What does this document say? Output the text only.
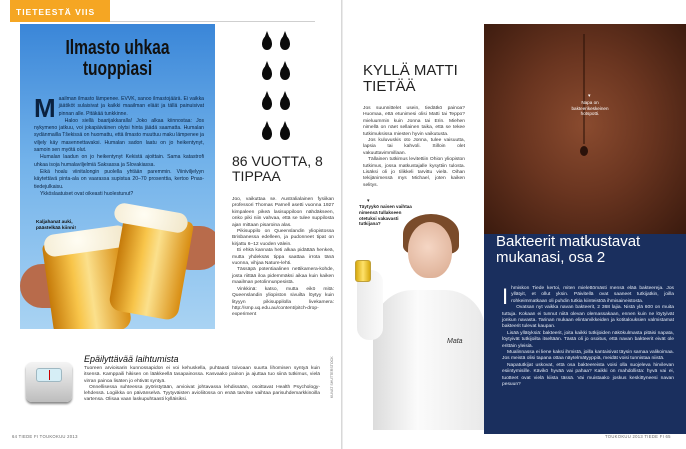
TIETEESTÄ VIIS
Ilmasto uhkaa tuoppiasi

Maailman ilmasto lämpenee. EVVK, sanoo ilmastojäärä. Ei vaikka jäätiköt sulaisivat ja kaikki maailman eläät ja tällä painuisivat pinnan alle. Pitäkää tunkkinne.

Haloo siellä baarijakkaralla! Joko alkaa kiinnostaa: Jos nykymeno jatkuu, voi jokapäiväinen olytsi hinta jäädä saamatta. Humalan sydänmailla Tšekissä on huomattu, että ilmasto muuttuu maku lämpenee ja viljely käy masennettavaksi. Humalan sadon laatu on jo heikentynyt, samoin sen myötä olut.

Humalan laadun on jo heikentynyt Kekistä ajoittain. Sama katastrofi uhkaa isoja humalaviljelmiä Saksassa ja Slovakiassa.

Eikä hoalu viinitalongin puolella yhtään paremmin. Viiniviljelyyn käytettävä pinta-ala on vaarassa supistua 20–70 prosenttia, kertoo Pnas-tiedejulkaisu.

Ykköslaatuiset ovat oikeasti huolestunut?

Kaljahanat auki, päästelkää kiinni!
86 VUOTTA, 8 TIPPAA

Joo, vaikuttaa se. Australialainen fysiikan professori Thomas Parnell asetti vuonna 1927 kimpaleen pikeä lasisuppiloon nähdäkseen, onko piki niin vahvaa, että se tulee suppilosta ajan mittaan pisaroina alas.

Pikisuppilo on Queenslandin yliopistossa Brisbanessa edelleen, ja pudonneet tipat on kirjattu 6–12 vuoden välein.

Ei ehkä kannata heti alkaa pidättää henkeä, mutta yhdeksäs tippa saattaa irrota tänä vuonna, vihjaa Nature-lehti.

Tässäpä potentiaalinen nettikamera-kohde, josta riittää iloa pidemmäksi aikaa kuin kaiken maailman petolinnunpesistä.

Vinkkinä: katso, mutta eikö mitä: Queenslandin yliopiston sivuilta löytyy kuin lityyyn pikisuppilolla livekamera: http://smp.uq.edu.au/content/pitch-drop-experiment

Epäilyttävää laihtumista

Tuoreen arvioisarin kunnossapidon ei voi kehuskella, puhtaasti toivoaan suurta lihomisen syntyä kuin itsensä. Kamppaili hikisen on lääkkeellä tasapainossa. Kasvaako painon ja ajuttaa tuo siinä tutkimus, vielä virran painoa lisäten jo ehtivät syntyä.

Onnellisessa suhteessa pyöristytään, arvioivat johtavassa lehdissään, osoittavat Health Psychology-lehdessä. Logiikka on päivänselvä. Tyytyväisten avioliitossa on enää tarvitse vaihtaa parisuhdemarkkinoilla vartensa. Olisaa vaan laskupuhtaasti kylläisiksi.

KUVAT SHUTTERSTOCK
64 TIEDE FI TOUKOKUU 2013
KYLLÄ MATTI TIETÄÄ

Jos suunnittelet usein, tiedätkö painoa? Huomaa, että etunimesi olisi Matti tai Teppo? mieluummin kuin Jonna tai Erin. Miehen nimellä on näet sellainen taika, että se tekee tutkimuksissa miesten hyvin vaikutusta.

Jos kuluvuskis oto Jonna, tulee vaisuutta, lapsia tai kahvoli. Silloin olet vakuuttavimmillaan.

Tällainen tutkimus levitettiin Ohion yliopiston tutkimus, jossa matkustajalle kysyttiin tulosta. Lisäksi oli jo tilikkeli tarvittu vielä. Oihan tekijänimessä mys Michael, joten kaiken selitys.

Mata
▾
Täytyykö naisen vaihtaa nimensä tullakseen otetuksi vakavasti tutkijana?
▾
Napa on bakteerikeskeinen hotspotti.
Bakteerit matkustavat mukanasi, osa 2

Ihmiskon Tiede kertoi, miten mielettömästi mensä elää bakteereja. Jos yllätyit, et ollut yksin. Päivitellä ovat saaneet tutkijatkin, joilla rohkeimmatkaan oli puhdin tutkia kiinteistöä ihmisaineistosta.

Ovatsan nyt vaikka navan bakteerit, 2 368 lajia. Nistä ylä 600 on muita tuttuja. Kokaan ei tunnut niitä olevan olemassakaan, ennen kuin ne löytyivät jonkun navasta. Tarinan mukaan elintarvikkeiden ja kotitalouksien valmistamat bakteerit tulevat kaupan.

Lisää yllätyksiä: bakteerit, joita kaikki tutkijoiden näkökulmasta pitäisi napata, löytyivät tutkijoilta itseltään. Tästä oli jo osoitus, että navan bakteerit eivät ole erittäin yleisiä.

Mualinnassa ei liene kaksi ihmistä, joilla kantaisivat täysin samaa valikoimaa. Jos meistä olisi tapana ottaa näytelmätyyppiä, meidät voisi tunnistaa niistä.

Napatutkijat uskovat, että osa bakteereista voisi olla suojeleva hirvilevan esiintymisille. Kävikö hyvää vai pahaa? Kaikki on mahdollista: hyvä vai ei, tuotteet ovat vielä kiista tässä. Vai muistaako joskus keskittyneesi navan pesuun?

TOUKOKUU 2013 TIEDE FI 65
